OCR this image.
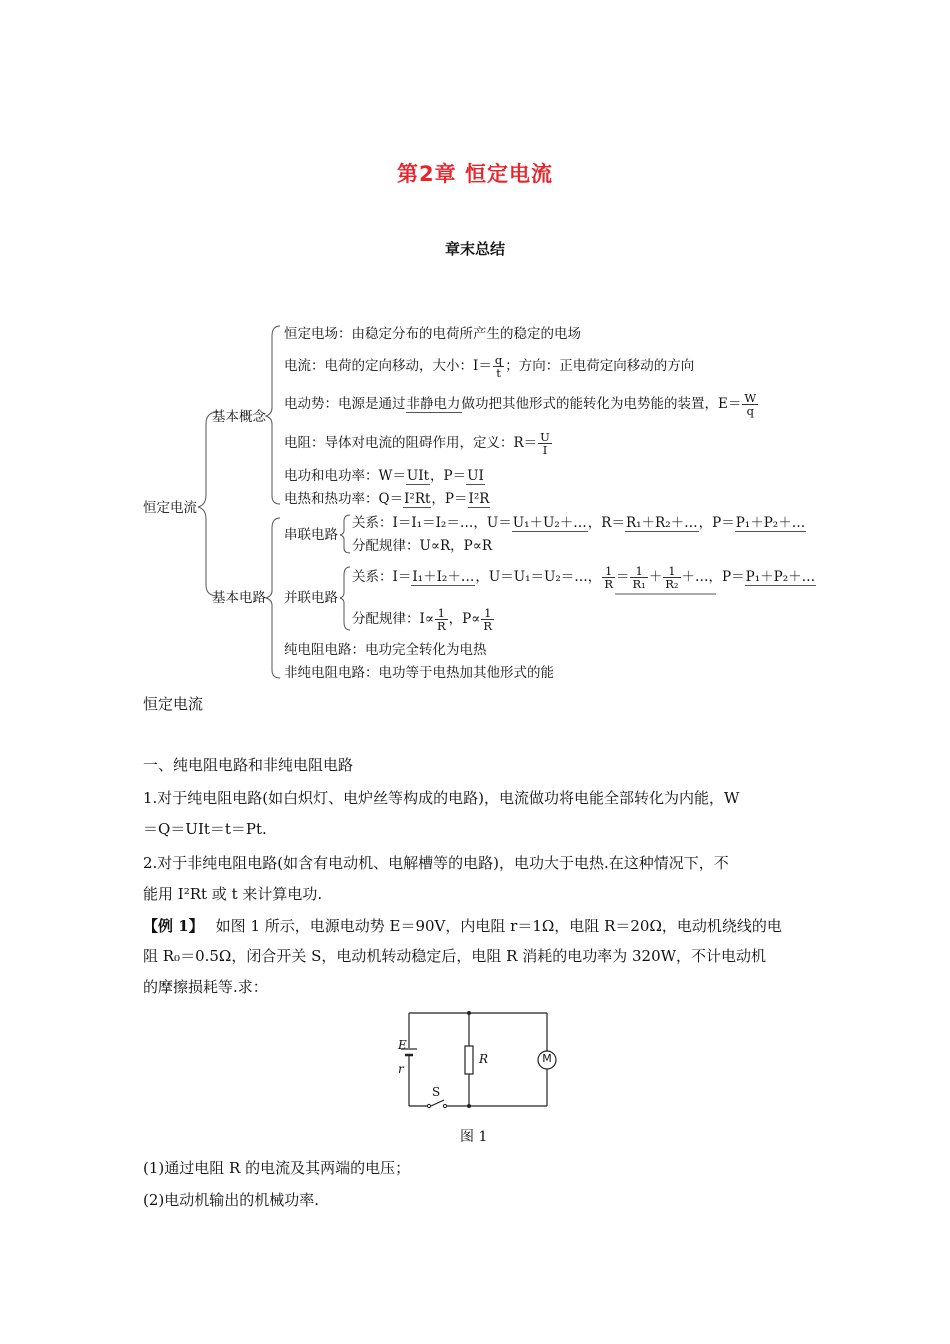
第2章 恒定电流
章末总结
恒定电流
基本概念
基本电路
恒定电场：由稳定分布的电荷所产生的稳定的电场
电流：电荷的定向移动，大小：$I= \frac{q}{t}$ ；方向：正电荷定向移动的方向
电动势：电源是通过非静电力做功把其他形式的能转化为电势能的装置，$E= \frac{W}{q}$
电阻：导体对电流的阻碍作用，定义：$R= \frac{U}{I}$
电功和电功率：W＝UIt，P＝UI
电热和热功率：Q＝I²Rt，P＝I²R
串联电路
关系：I＝I₁＝I₂＝…，U＝U₁＋U₂＋…，R＝R₁＋R₂＋…，P＝P₁＋P₂＋…
分配规律：U∝R，P∝R
并联电路
关系：I＝I₁＋I₂＋…，U＝U₁＝U₂＝…， $\frac{1}{R} = \frac{1}{\text{R₁}} + \frac{1}{\text{R₂}}$ ＋…，P＝P₁＋P₂＋…
分配规律：$I\propto \frac{1}{R}$ ，$P\propto \frac{1}{R}$
纯电阻电路：电功完全转化为电热
非纯电阻电路：电功等于电热加其他形式的能
恒定电流
一、纯电阻电路和非纯电阻电路
1.对于纯电阻电路(如白炽灯、电炉丝等构成的电路)，电流做功将电能全部转化为内能，W
＝Q＝UIt＝t＝Pt.
2.对于非纯电阻电路(如含有电动机、电解槽等的电路)，电功大于电热.在这种情况下，不
能用 I²Rt 或 t 来计算电功.
【例 1】 如图 1 所示，电源电动势 E＝90V，内电阻 r＝1Ω，电阻 R＝20Ω，电动机绕线的电
阻 R₀＝0.5Ω，闭合开关 S，电动机转动稳定后，电阻 R 消耗的电功率为 320W，不计电动机
的摩擦损耗等.求：
E
r
R	M
S
图 1
(1)通过电阻 R 的电流及其两端的电压；
(2)电动机输出的机械功率.
